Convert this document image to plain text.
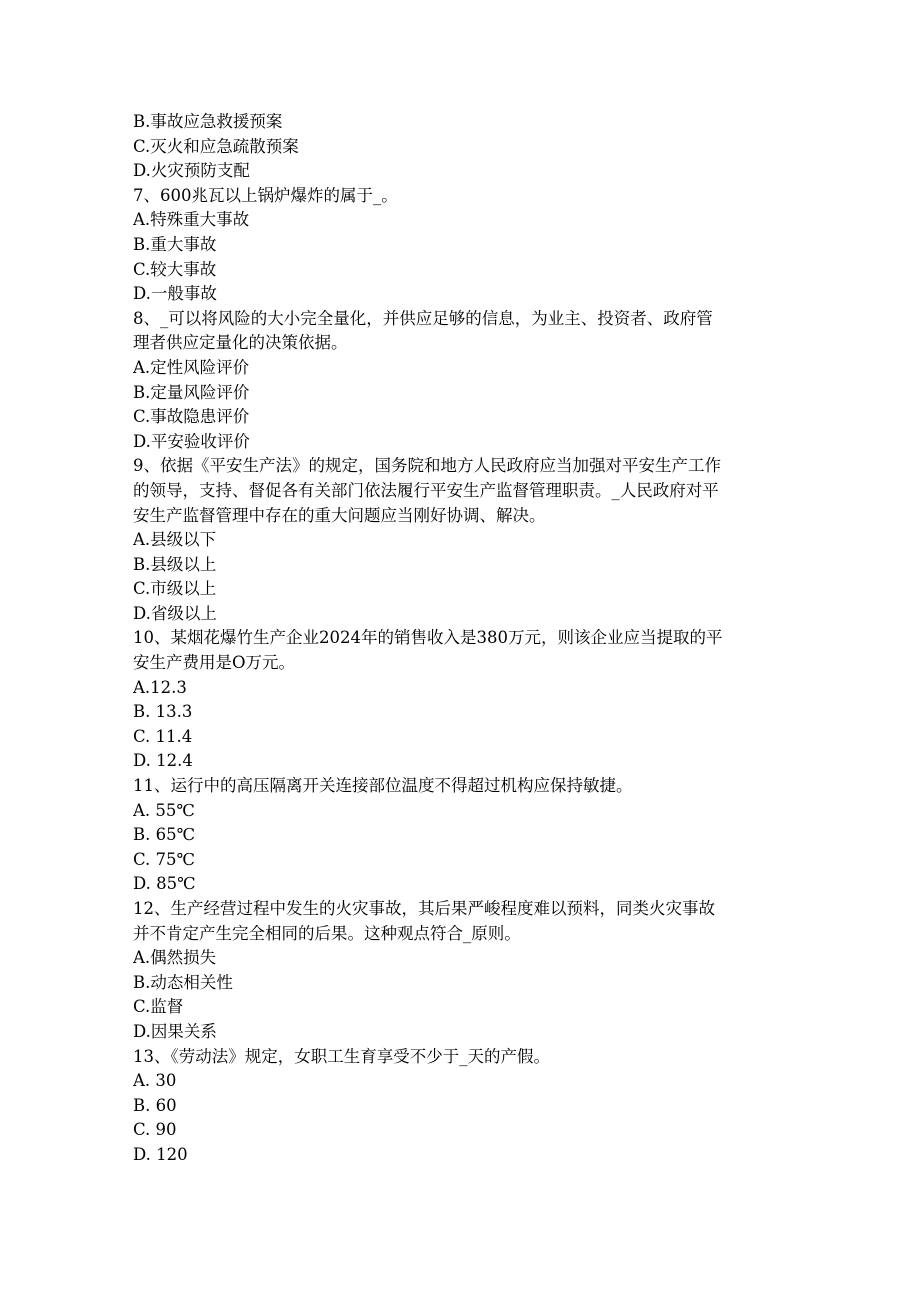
B.事故应急救援预案
C.灭火和应急疏散预案
D.火灾预防支配
7、600兆瓦以上锅炉爆炸的属于_。
A.特殊重大事故
B.重大事故
C.较大事故
D.一般事故
8、_可以将风险的大小完全量化，并供应足够的信息，为业主、投资者、政府管
理者供应定量化的决策依据。
A.定性风险评价
B.定量风险评价
C.事故隐患评价
D.平安验收评价
9、依据《平安生产法》的规定，国务院和地方人民政府应当加强对平安生产工作
的领导，支持、督促各有关部门依法履行平安生产监督管理职责。_人民政府对平
安生产监督管理中存在的重大问题应当刚好协调、解决。
A.县级以下
B.县级以上
C.市级以上
D.省级以上
10、某烟花爆竹生产企业2024年的销售收入是380万元，则该企业应当提取的平
安生产费用是O万元。
A.12.3
B. 13.3
C. 11.4
D. 12.4
11、运行中的高压隔离开关连接部位温度不得超过机构应保持敏捷。
A. 55℃
B. 65℃
C. 75℃
D. 85℃
12、生产经营过程中发生的火灾事故，其后果严峻程度难以预料，同类火灾事故
并不肯定产生完全相同的后果。这种观点符合_原则。
A.偶然损失
B.动态相关性
C.监督
D.因果关系
13、《劳动法》规定，女职工生育享受不少于_天的产假。
A. 30
B. 60
C. 90
D. 120
